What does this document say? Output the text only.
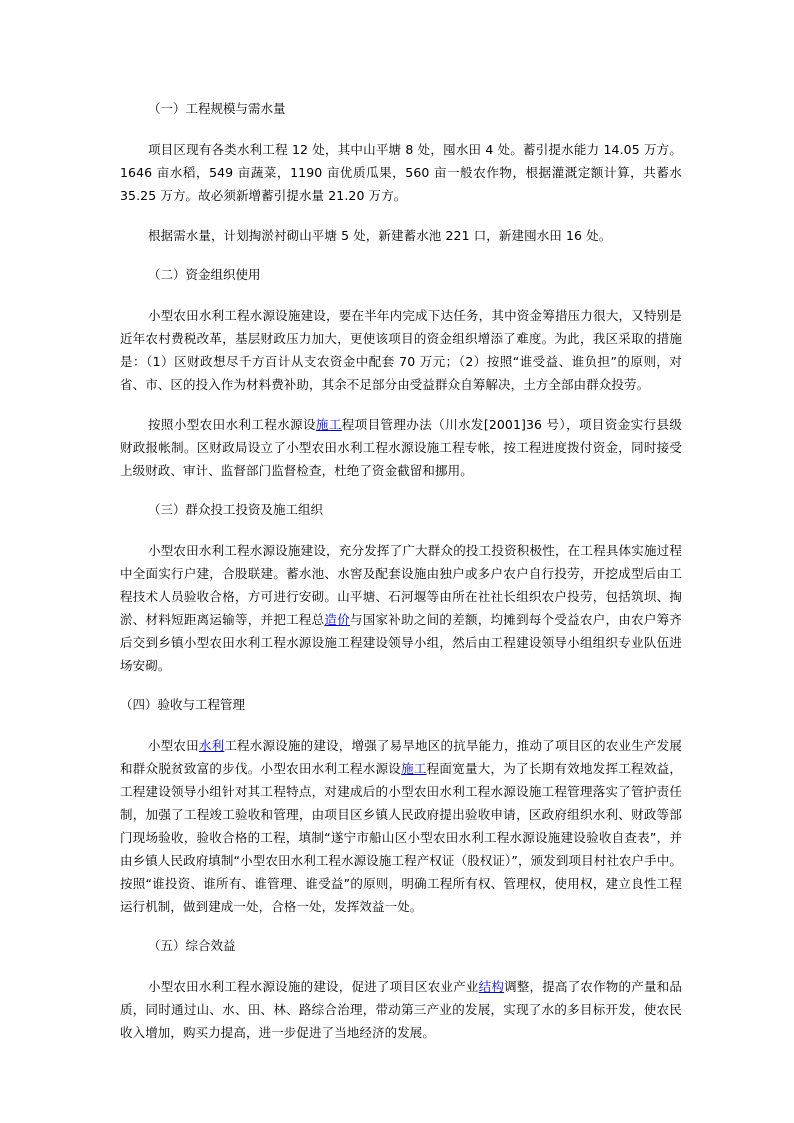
（一）工程规模与需水量

项目区现有各类水利工程 12 处，其中山平塘 8 处，囤水田 4 处。蓄引提水能力 14.05 万方。1646 亩水稻，549 亩蔬菜，1190 亩优质瓜果，560 亩一般农作物，根据灌溉定额计算，共蓄水 35.25 万方。故必须新增蓄引提水量 21.20 万方。

根据需水量，计划掏淤衬砌山平塘 5 处，新建蓄水池 221 口，新建囤水田 16 处。

（二）资金组织使用

小型农田水利工程水源设施建设，要在半年内完成下达任务，其中资金筹措压力很大，又特别是近年农村费税改革，基层财政压力加大，更使该项目的资金组织增添了难度。为此，我区采取的措施是：（1）区财政想尽千方百计从支农资金中配套 70 万元；（2）按照“谁受益、谁负担”的原则，对省、市、区的投入作为材料费补助，其余不足部分由受益群众自筹解决，土方全部由群众投劳。

按照小型农田水利工程水源设施工程项目管理办法（川水发[2001]36 号），项目资金实行县级财政报帐制。区财政局设立了小型农田水利工程水源设施工程专帐，按工程进度拨付资金，同时接受上级财政、审计、监督部门监督检查，杜绝了资金截留和挪用。

（三）群众投工投资及施工组织

小型农田水利工程水源设施建设，充分发挥了广大群众的投工投资积极性，在工程具体实施过程中全面实行户建，合股联建。蓄水池、水窖及配套设施由独户或多户农户自行投劳，开挖成型后由工程技术人员验收合格，方可进行安砌。山平塘、石河堰等由所在社社长组织农户投劳，包括筑坝、掏淤、材料短距离运输等，并把工程总造价与国家补助之间的差额，均摊到每个受益农户，由农户筹齐后交到乡镇小型农田水利工程水源设施工程建设领导小组，然后由工程建设领导小组组织专业队伍进场安砌。

（四）验收与工程管理

小型农田水利工程水源设施的建设，增强了易旱地区的抗旱能力，推动了项目区的农业生产发展和群众脱贫致富的步伐。小型农田水利工程水源设施工程面宽量大，为了长期有效地发挥工程效益，工程建设领导小组针对其工程特点，对建成后的小型农田水利工程水源设施工程管理落实了管护责任制，加强了工程竣工验收和管理，由项目区乡镇人民政府提出验收申请，区政府组织水利、财政等部门现场验收，验收合格的工程，填制“遂宁市船山区小型农田水利工程水源设施建设验收自查表”，并由乡镇人民政府填制“小型农田水利工程水源设施工程产权证（股权证）”，颁发到项目村社农户手中。按照“谁投资、谁所有、谁管理、谁受益”的原则，明确工程所有权、管理权，使用权，建立良性工程运行机制，做到建成一处，合格一处，发挥效益一处。

（五）综合效益

小型农田水利工程水源设施的建设，促进了项目区农业产业结构调整，提高了农作物的产量和品质，同时通过山、水、田、林、路综合治理，带动第三产业的发展，实现了水的多目标开发，使农民收入增加，购买力提高，进一步促进了当地经济的发展。
